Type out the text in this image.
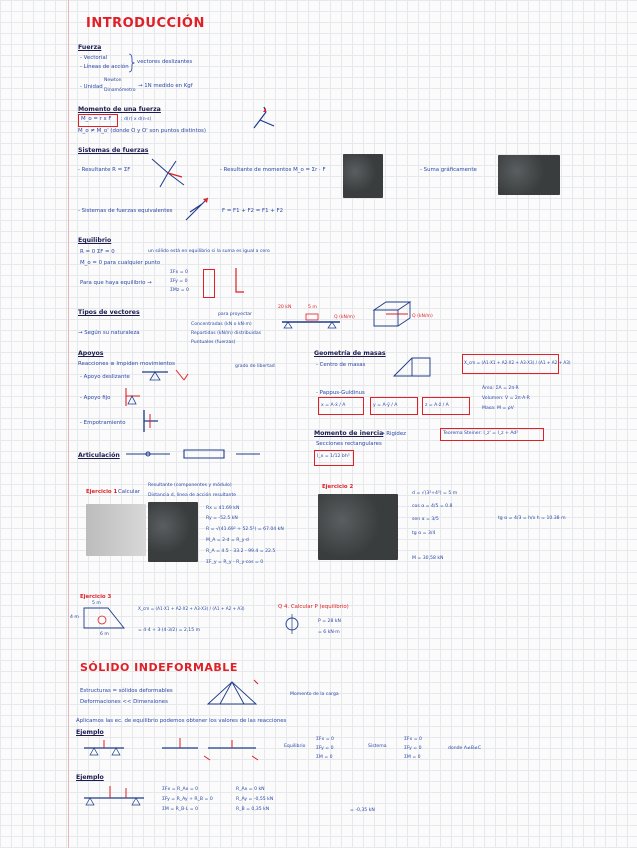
INTRODUCCIÓN
Fuerza
- Vectorial
- Líneas de acción
vectores deslizantes
- Unidad
Newton
Dinamómetro
→ 1N medido en Kgf
Momento de una fuerza
M_o = r x F ; d(r) x d(n·s)
M_o ≠ M_o' (donde O y O' son puntos distintos)
Sistemas de fuerzas
- Resultante R = ΣF	- Resultante de momentos M_o = Σr · F	- Suma gráficamente
- Sistemas de fuerzas equivalentes	F = F1 + F2 = F1 + F2
Equilibrio
R = 0 ΣF = 0	un sólido está en equilibrio si la suma es igual a cero
M_o = 0 para cualquier punto
Para que haya equilibrio →
ΣFx = 0
ΣFy = 0
ΣMz = 0
Tipos de vectores
→ Según su naturaleza
Concentradas (kN o kN·m)
Repartidas (kN/m) distribuidas
Puntuales (fuerzas)
para proyectar
20 kN	5 m
Q (kN/m)	Q (kN/m)
Apoyos
Reacciones ≡ Impiden movimientos
- Apoyo deslizante
grado de libertad
- Apoyo fijo
- Empotramiento
Articulación
Geometría de masas
- Centro de masas	X_cm = (A1·X1 + A2·X2 + A3·X3) / (A1 + A2 + A3)
- Pappus-Guldinus
x = A·x̄ / A	y = A·ȳ / A	z = A·z̄ / A
Área: ΣA = 2π·R
Volumen: V = 2π·A·R
Masa: M = ρV
Momento de inercia
→ Rigidez
Secciones rectangulares
I_x = 1/12 bh³
Teorema Steiner: I_z' = I_z + Ad²
Ejercicio 1 Calcular
Resultante (componentes y módulo)
Distancia d, línea de acción resultante
Rx = 41.69 kN
Ry = -52.5 kN
R = √(41.69² + 52.5²) = 67.04 kN
M_A = 2·d = R_y·d
R_A = 4.5 - 33.2 - 99.4 = 22.5
ΣF_y = R_y - R_y·cos = 0
Ejercicio 2
d = √(3²+4²) = 5 m
cos α = 4/5 = 0.8
sen α = 3/5
tg α = 3/4
M = 30,58 kN
tg α = 4/3 = h/x h = 10.38 m
Ejercicio 3
5 m
4 m
6 m
X_cm = (A1·X1 + A2·X2 + A3·X3) / (A1 + A2 + A3)
= 4·4 + 3·(4·3/2) = 2,15 m
Q 4. Calcular P (equilibrio)
P = 28 kN
= 6 kN·m
SÓLIDO INDEFORMABLE
Estructuras = sólidos deformables
Deformaciones << Dimensiones
Momento de la carga
Aplicamos las ec. de equilibrio podemos obtener los valores de las reacciones
Ejemplo
Equilibrio
ΣFx = 0
ΣFy = 0
ΣM = 0
Sistema
ΣFx = 0
ΣFy = 0
ΣM = 0
donde A≠B≠C
Ejemplo
ΣFx = R_Ax = 0
ΣFy = R_Ay + R_B = 0
ΣM = R_B·L = 0
R_Ax = 0 kN
R_Ay = -0,55 kN
R_B = 0,35 kN	= -0,35 kN
